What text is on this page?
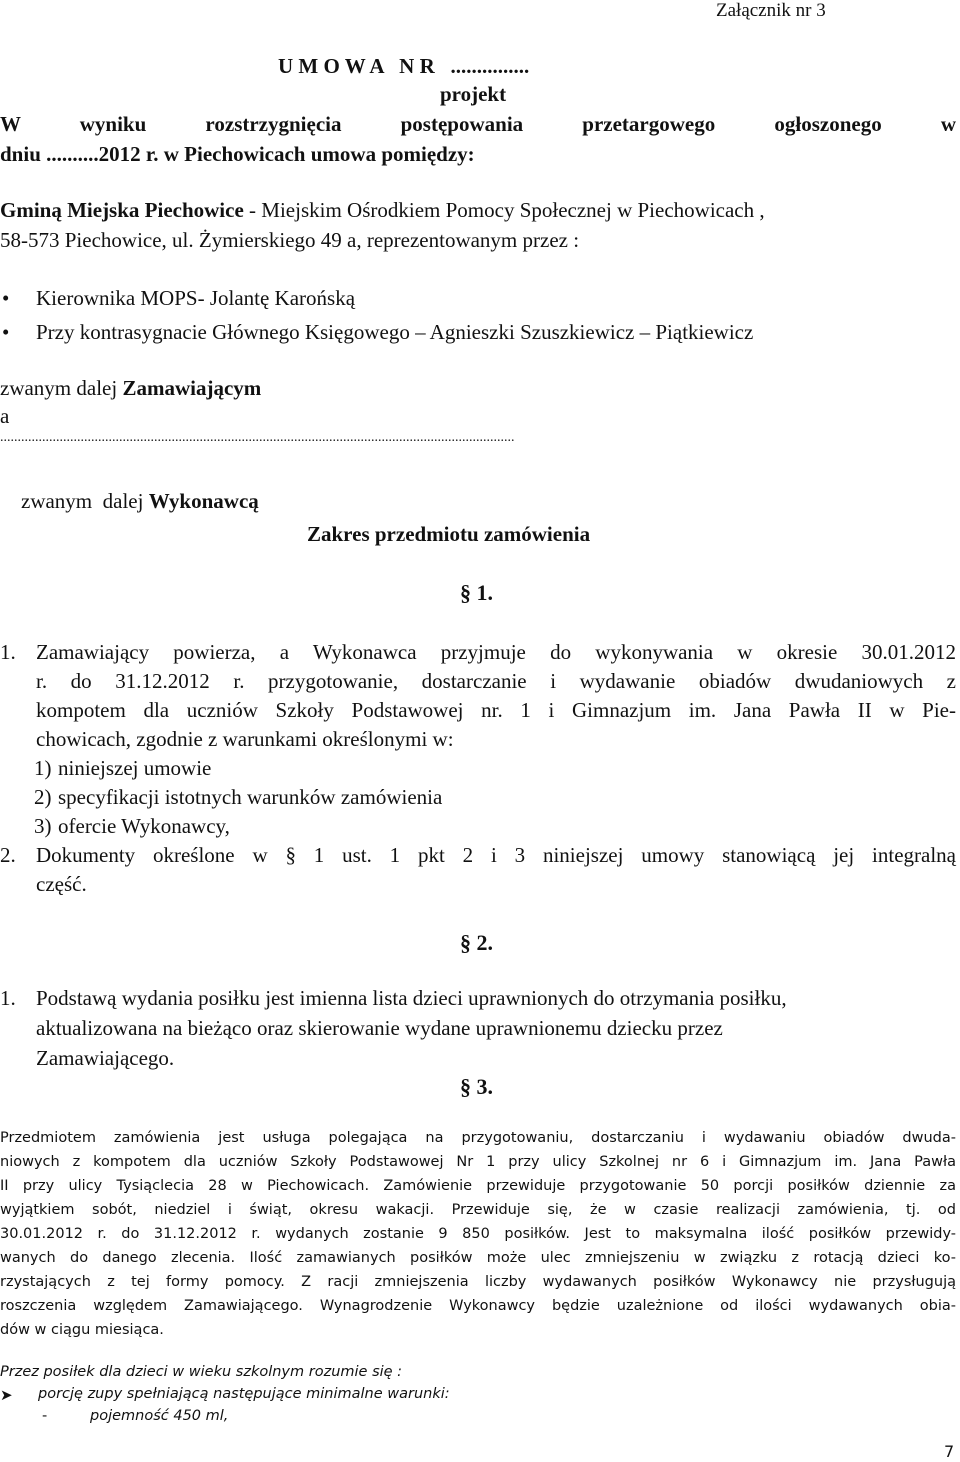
Załącznik nr 3
U M O W A   N R   ...............
projekt
W wyniku rozstrzygnięcia postępowania przetargowego ogłoszonego w
dniu ..........2012 r. w Piechowicach umowa pomiędzy:
Gminą Miejska Piechowice - Miejskim Ośrodkiem Pomocy Społecznej w Piechowicach ,
58-573 Piechowice, ul. Żymierskiego 49 a, reprezentowanym przez :
Kierownika MOPS- Jolantę Karońską
Przy kontrasygnacie Głównego Księgowego – Agnieszki Szuszkiewicz – Piątkiewicz
zwanym dalej Zamawiającym
a
...................................................................................................................................................

zwanym  dalej Wykonawcą

Zakres przedmiotu zamówienia
§ 1.
1. Zamawiający powierza, a Wykonawca przyjmuje do wykonywania w okresie 30.01.2012
r. do 31.12.2012 r. przygotowanie, dostarczanie i wydawanie obiadów dwudaniowych z
kompotem dla uczniów Szkoły Podstawowej nr. 1 i Gimnazjum im. Jana Pawła II w Pie-
chowicach, zgodnie z warunkami określonymi w:
1) niniejszej umowie
2) specyfikacji istotnych warunków zamówienia
3) ofercie Wykonawcy,
2. Dokumenty określone w § 1 ust. 1 pkt 2 i 3 niniejszej umowy stanowiącą jej integralną
część.
§ 2.
1. Podstawą wydania posiłku jest imienna lista dzieci uprawnionych do otrzymania posiłku,
aktualizowana na bieżąco oraz skierowanie wydane uprawnionemu dziecku przez
Zamawiającego.
§ 3.
Przedmiotem zamówienia jest usługa polegająca na przygotowaniu, dostarczaniu i wydawaniu obiadów dwuda-
niowych z kompotem dla uczniów Szkoły Podstawowej Nr 1 przy ulicy Szkolnej nr 6 i Gimnazjum im. Jana Pawła
II przy ulicy Tysiąclecia 28 w Piechowicach. Zamówienie przewiduje przygotowanie 50 porcji posiłków dziennie za
wyjątkiem sobót, niedziel i świąt, okresu wakacji. Przewiduje się, że w czasie realizacji zamówienia, tj. od
30.01.2012 r. do 31.12.2012 r. wydanych zostanie 9 850 posiłków. Jest to maksymalna ilość posiłków przewidy-
wanych do danego zlecenia. Ilość zamawianych posiłków może ulec zmniejszeniu w związku z rotacją dzieci ko-
rzystających z tej formy pomocy. Z racji zmniejszenia liczby wydawanych posiłków Wykonawcy nie przysługują
roszczenia względem Zamawiającego. Wynagrodzenie Wykonawcy będzie uzależnione od ilości wydawanych obia-
dów w ciągu miesiąca.
Przez posiłek dla dzieci w wieku szkolnym rozumie się :
➤ porcję zupy spełniającą następujące minimalne warunki:
-	pojemność 450 ml,
7
